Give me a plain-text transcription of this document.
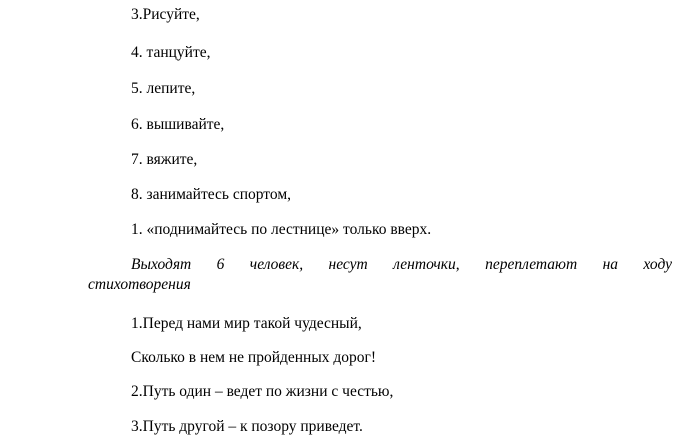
3.Рисуйте,
4. танцуйте,
5. лепите,
6. вышивайте,
7. вяжите,
8. занимайтесь спортом,
1. «поднимайтесь по лестнице» только вверх.
Выходят 6 человек, несут ленточки, переплетают на ходу
стихотворения
1.Перед нами мир такой чудесный,
Сколько в нем не пройденных дорог!
2.Путь один – ведет по жизни с честью,
3.Путь другой – к позору приведет.
